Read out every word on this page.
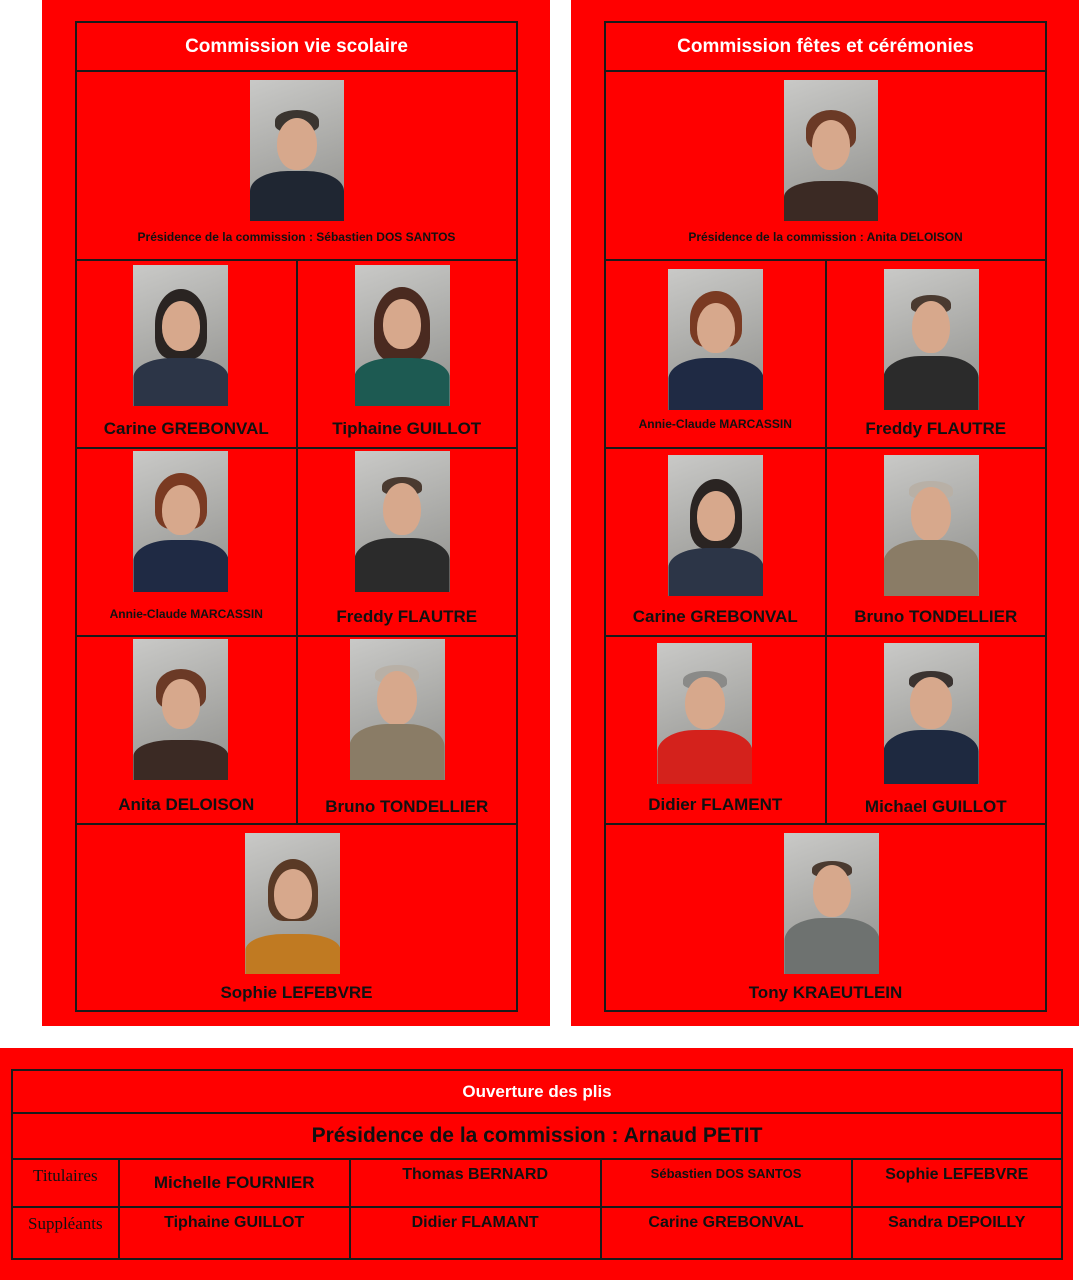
Commission vie scolaire	

Présidence de la commission : Sébastien DOS SANTOS	

Carine GREBONVAL	Tiphaine GUILLOT

Annie-Claude MARCASSIN	Freddy FLAUTRE

Anita DELOISON	Bruno TONDELLIER

Sophie LEFEBVRE	
Commission fêtes et cérémonies	

Présidence de la commission : Anita DELOISON	

Annie-Claude MARCASSIN	Freddy FLAUTRE

Carine GREBONVAL	Bruno TONDELLIER

Didier FLAMENT	Michael GUILLOT

Tony KRAEUTLEIN	
Ouverture des plis				
Présidence de la commission : Arnaud PETIT				
Titulaires	Michelle FOURNIER	Thomas BERNARD	Sébastien DOS SANTOS	Sophie LEFEBVRE
Suppléants	Tiphaine GUILLOT	Didier FLAMANT	Carine GREBONVAL	Sandra DEPOILLY
